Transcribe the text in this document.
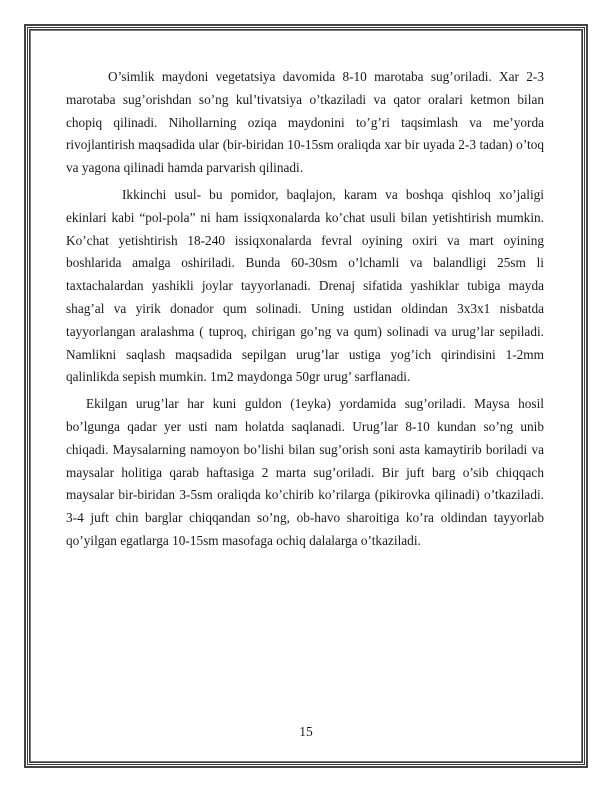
O’simlik maydoni vegetatsiya davomida 8-10 marotaba sug’oriladi. Xar 2-3 marotaba sug’orishdan so’ng kul’tivatsiya o’tkaziladi va qator oralari ketmon bilan chopiq qilinadi. Nihollarning oziqa maydonini to’g’ri taqsimlash va me’yorda rivojlantirish maqsadida ular (bir-biridan 10-15sm oraliqda xar bir uyada 2-3 tadan) o’toq va yagona qilinadi hamda parvarish qilinadi.

Ikkinchi usul- bu pomidor, baqlajon, karam va boshqa qishloq xo’jaligi ekinlari kabi “pol-pola” ni ham issiqxonalarda ko’chat usuli bilan yetishtirish mumkin. Ko’chat yetishtirish 18-240 issiqxonalarda fevral oyining oxiri va mart oyining boshlarida amalga oshiriladi. Bunda 60-30sm o’lchamli va balandligi 25sm li taxtachalardan yashikli joylar tayyorlanadi. Drenaj sifatida yashiklar tubiga mayda shag’al va yirik donador qum solinadi. Uning ustidan oldindan 3x3x1 nisbatda tayyorlangan aralashma ( tuproq, chirigan go’ng va qum) solinadi va urug’lar sepiladi. Namlikni saqlash maqsadida sepilgan urug’lar ustiga yog’ich qirindisini 1-2mm qalinlikda sepish mumkin. 1m2 maydonga 50gr urug’ sarflanadi.

Ekilgan urug’lar har kuni guldon (1eyka) yordamida sug’oriladi. Maysa hosil bo’lgunga qadar yer usti nam holatda saqlanadi. Urug’lar 8-10 kundan so’ng unib chiqadi. Maysalarning namoyon bo’lishi bilan sug’orish soni asta kamaytirib boriladi va maysalar holitiga qarab haftasiga 2 marta sug’oriladi. Bir juft barg o’sib chiqqach maysalar bir-biridan 3-5sm oraliqda ko’chirib ko’rilarga (pikirovka qilinadi) o’tkaziladi. 3-4 juft chin barglar chiqqandan so’ng, ob-havo sharoitiga ko’ra oldindan tayyorlab qo’yilgan egatlarga 10-15sm masofaga ochiq dalalarga o’tkaziladi.

15
